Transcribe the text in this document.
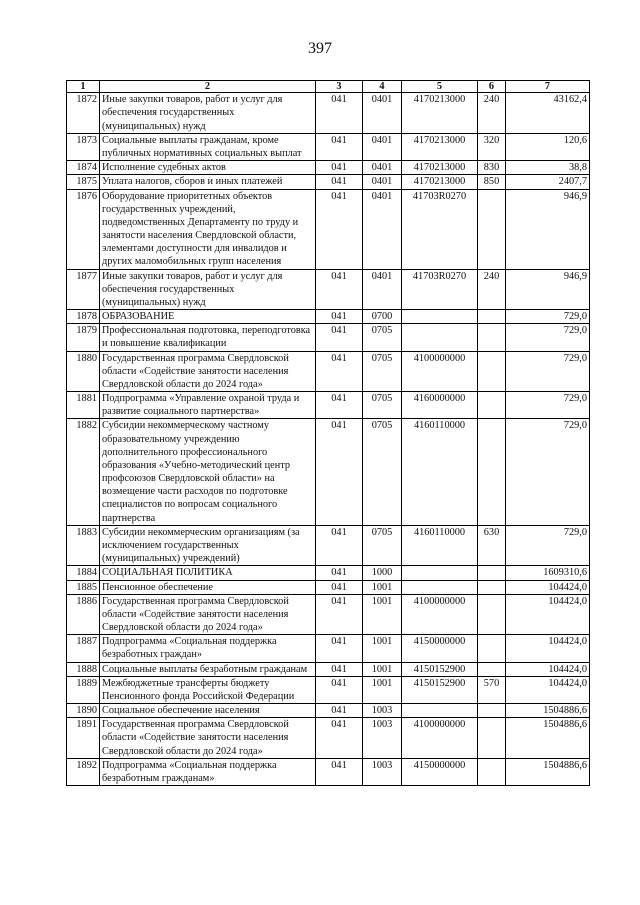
397
1	2	3	4	5	6	7
1872	Иные закупки товаров, работ и услуг для обеспечения государственных (муниципальных) нужд	041	0401	4170213000	240	43162,4
1873	Социальные выплаты гражданам, кроме публичных нормативных социальных выплат	041	0401	4170213000	320	120,6
1874	Исполнение судебных актов	041	0401	4170213000	830	38,8
1875	Уплата налогов, сборов и иных платежей	041	0401	4170213000	850	2407,7
1876	Оборудование приоритетных объектов государственных учреждений, подведомственных Департаменту по труду и занятости населения Свердловской области, элементами доступности для инвалидов и других маломобильных групп населения	041	0401	41703R0270		946,9
1877	Иные закупки товаров, работ и услуг для обеспечения государственных (муниципальных) нужд	041	0401	41703R0270	240	946,9
1878	ОБРАЗОВАНИЕ	041	0700			729,0
1879	Профессиональная подготовка, переподготовка и повышение квалификации	041	0705			729,0
1880	Государственная программа Свердловской области «Содействие занятости населения Свердловской области до 2024 года»	041	0705	4100000000		729,0
1881	Подпрограмма «Управление охраной труда и развитие социального партнерства»	041	0705	4160000000		729,0
1882	Субсидии некоммерческому частному образовательному учреждению дополнительного профессионального образования «Учебно-методический центр профсоюзов Свердловской области» на возмещение части расходов по подготовке специалистов по вопросам социального партнерства	041	0705	4160110000		729,0
1883	Субсидии некоммерческим организациям (за исключением государственных (муниципальных) учреждений)	041	0705	4160110000	630	729,0
1884	СОЦИАЛЬНАЯ ПОЛИТИКА	041	1000			1609310,6
1885	Пенсионное обеспечение	041	1001			104424,0
1886	Государственная программа Свердловской области «Содействие занятости населения Свердловской области до 2024 года»	041	1001	4100000000		104424,0
1887	Подпрограмма «Социальная поддержка безработных граждан»	041	1001	4150000000		104424,0
1888	Социальные выплаты безработным гражданам	041	1001	4150152900		104424,0
1889	Межбюджетные трансферты бюджету Пенсионного фонда Российской Федерации	041	1001	4150152900	570	104424,0
1890	Социальное обеспечение населения	041	1003			1504886,6
1891	Государственная программа Свердловской области «Содействие занятости населения Свердловской области до 2024 года»	041	1003	4100000000		1504886,6
1892	Подпрограмма «Социальная поддержка безработным гражданам»	041	1003	4150000000		1504886,6
